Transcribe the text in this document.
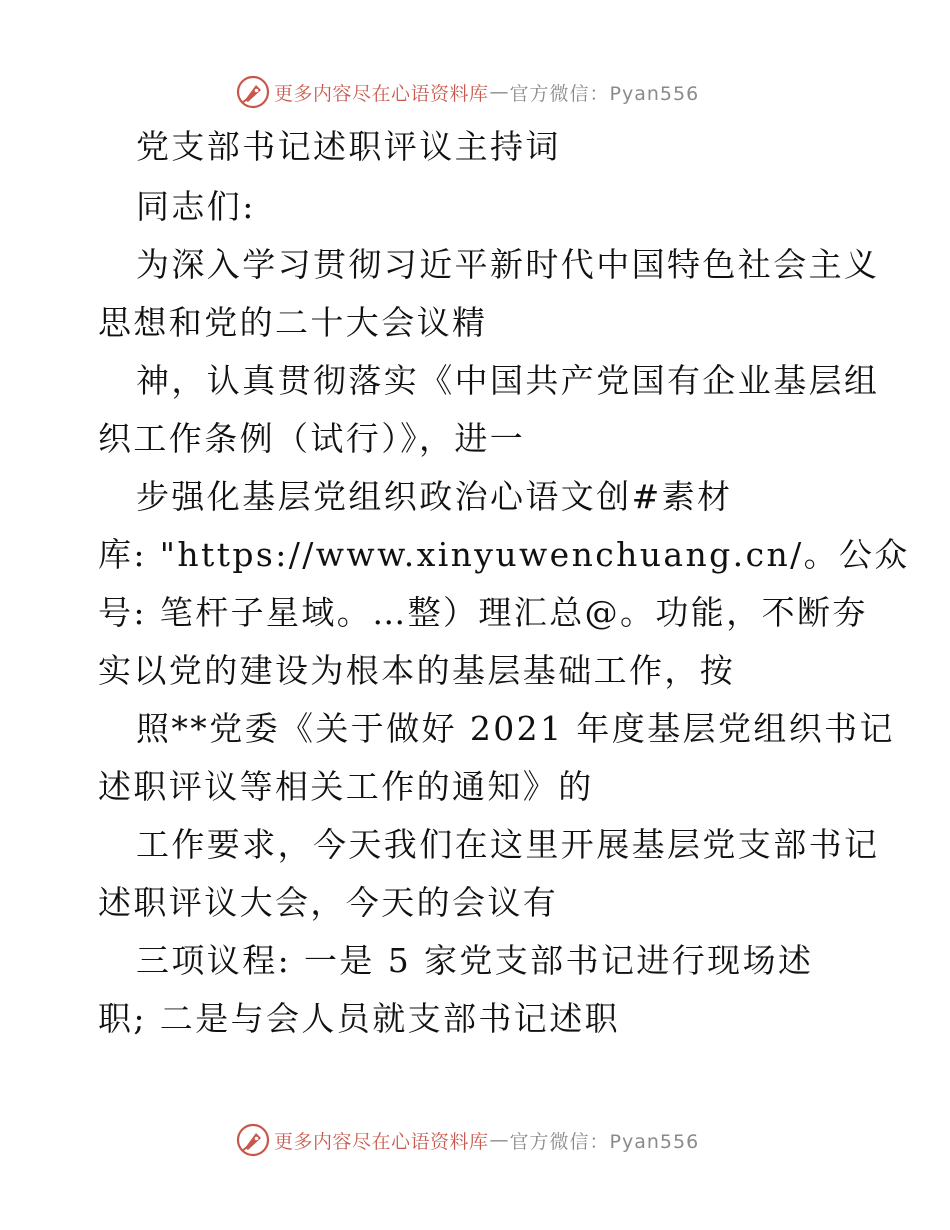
更多内容尽在心语资料库 — 官方微信：Pyan556
党支部书记述职评议主持词
同志们:
为深入学习贯彻习近平新时代中国特色社会主义
思想和党的二十大会议精
神，认真贯彻落实《中国共产党国有企业基层组
织工作条例（试行）》，进一
步强化基层党组织政治心语文创#素材
库: "https://www.xinyuwenchuang.cn/。公众
号: 笔杆子星域。…整）理汇总@。功能，不断夯
实以党的建设为根本的基层基础工作，按
照**党委《关于做好 2021 年度基层党组织书记
述职评议等相关工作的通知》的
工作要求，今天我们在这里开展基层党支部书记
述职评议大会，今天的会议有
三项议程: 一是 5 家党支部书记进行现场述
职; 二是与会人员就支部书记述职
更多内容尽在心语资料库 — 官方微信：Pyan556
